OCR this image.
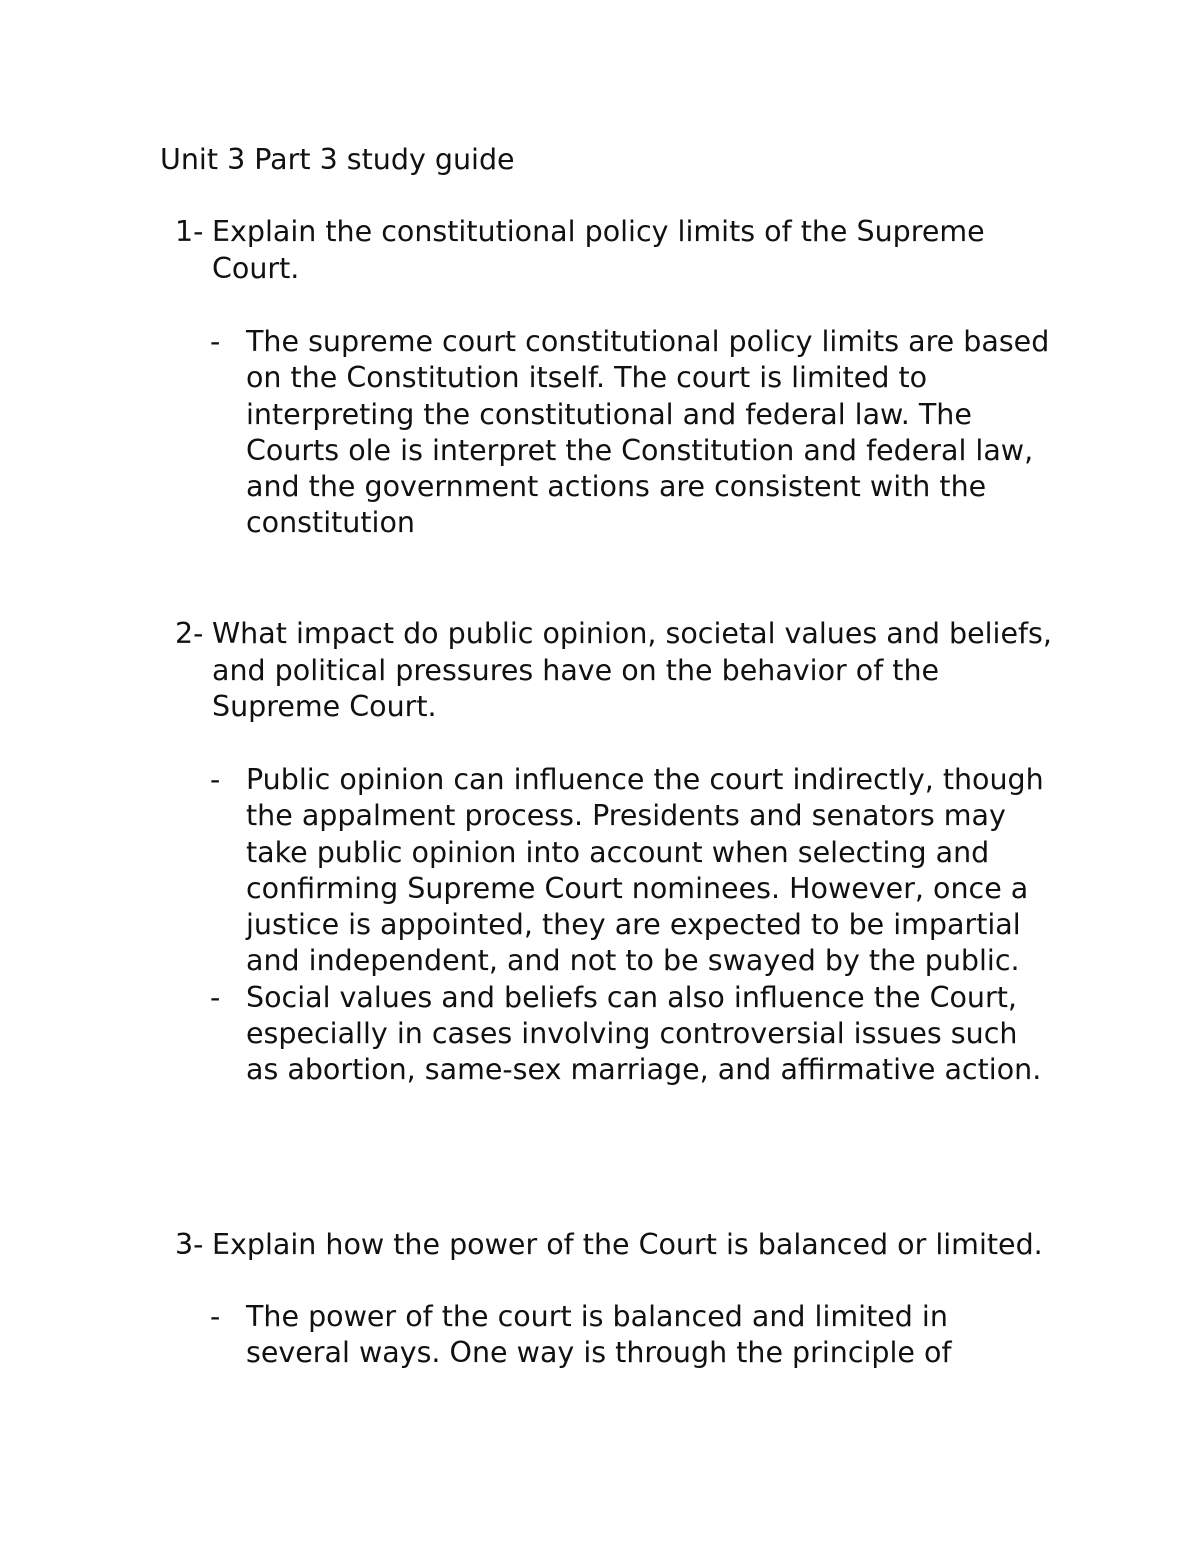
Unit 3 Part 3 study guide
1- Explain the constitutional policy limits of the Supreme Court.
- The supreme court constitutional policy limits are based on the Constitution itself. The court is limited to interpreting the constitutional and federal law. The Courts ole is interpret the Constitution and federal law, and the government actions are consistent with the constitution
2- What impact do public opinion, societal values and beliefs, and political pressures have on the behavior of the Supreme Court.
- Public opinion can influence the court indirectly, though the appalment process. Presidents and senators may take public opinion into account when selecting and confirming Supreme Court nominees. However, once a justice is appointed, they are expected to be impartial and independent, and not to be swayed by the public.
- Social values and beliefs can also influence the Court, especially in cases involving controversial issues such as abortion, same-sex marriage, and affirmative action.
3- Explain how the power of the Court is balanced or limited.
- The power of the court is balanced and limited in several ways. One way is through the principle of
